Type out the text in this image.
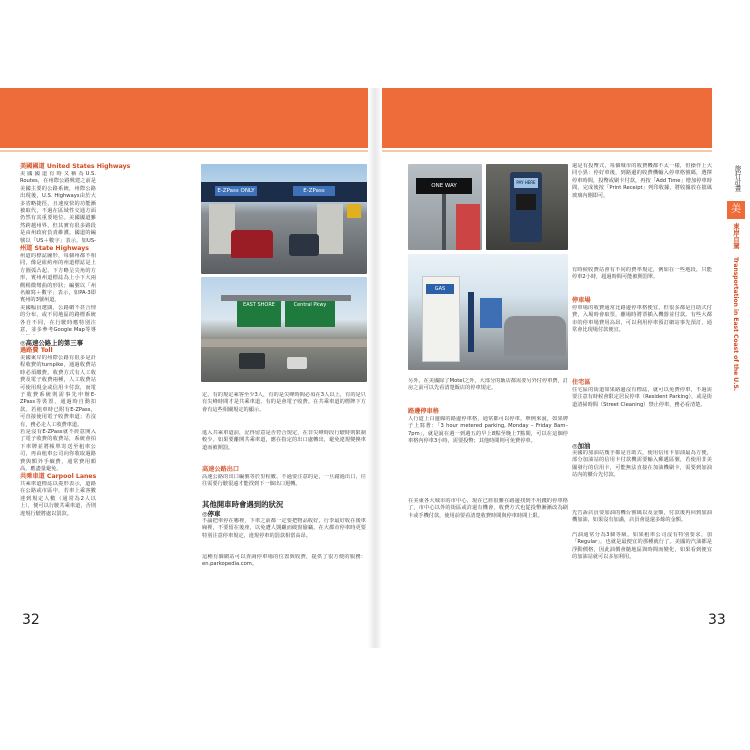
美國國道 United States Highways
美國國道有時又稱為U.S. Routes，在州際公路興建之前是美國主要的公路系統，州際公路出現後，U.S. Highways由於大多省略捷徑，且速度快的功能漸被取代，不過在區域性交通方面仍然有其重要地位。美國國道雖然跨越州界，但其實有很多路段是由州政府負責維護。國道的編號以「US＋數字」表示，如US-
州道 State Highways
州道的標誌圖形，每個州都不相同，像是紐約州的州道標誌是上方圓弧凸起、下方略呈尖角的方形，賓州州道標誌為上小下大兩側稍微彎曲的形狀；編號以「州名縮寫＋數字」表示，如PA-3即賓州的3號州道。
美國幅員遼闊，公路網不甚合理的分布，或不同地區的路標系統各自不同，在行駛時應特別注意，並多參考Google Map等導
◎高速公路上的第三事
過路費 Toll
美國東岸的州際公路有很多是計程收費的turnpike，通過收費站時必須繳費。收費方式有人工收費及電子收費兩種，人工收費站可使用現金或信用卡付款，而電子收費系統則需事先申辦E-ZPass等裝置，通過時自動扣款。若租車時已附有E-ZPass，可直接使用電子收費車道；若沒有，務必走人工收費車道。
若是沒有E-ZPass就不經意開入了電子收費的收費站，系統會拍下車牌並將帳單寄送至租車公司，再由租車公司向你收取過路費與額外手續費，通常費用頗高，應盡量避免。
共乘車道 Carpool Lanes
共乘車道標誌以菱形表示，道路在公路或市區中，若車上乘客數達到規定人數（通常為2人以上），便可以行駛共乘車道，否則違規行駛將處以罰款。
E-ZPass ONLY	E-ZPass
EAST SHORE	Central Pkwy
定，有的規定乘客至少3人，有的是尖峰時間必須在3人以上，有的是只有尖峰時間才是共乘車道，有的是會電子收費。在共乘車道的標牌下方會有這些相關規定的顯示。
進入共乘車道前，記得留意是否符合規定，在非尖峰時段行駛時則限制較少。如果要離開共乘車道，應在指定的出口處轉出，避免違規變換車道而被開罰。
高速公路出口
高速公路的出口編號等於里程數，不過要注意的是，一旦錯過出口，往往需要行駛很遠才能找到下一個出口迴轉。
其他開車時會遇到的狀況
◎停車
不論把車停在哪裡，下車之前都一定要把物品收好，行李最好收在後車廂裡，不要留在後座，以免遭人覬覦而破窗偷竊。在大都市停車時更要特別注意停車規定，違規停車的罰款相當高昂。
這種有個網站可以查詢停車場的位置與收費，提供了很方便的服務：en.parkopedia.com。
32
ONE WAY
PAY HERE
GAS
另外，在美國除了Motel之外，大部分的飯店都需要另外付停車費，訂房之前可以先看清楚飯店的停車規定。
路邊停車格
人行道上白邊線的路邊停車格，通常都可以停車。舉例來說，如果牌子上寫著：「3 hour metered parking, Monday – Friday 8am–7pm」，就是說在週一到週五的早上8點至晚上7點間，可以在這個停車格內停車3小時，需要投幣；其他時間則可免費停車。
在美東各大城市的市中心，現在已經很難在路邊找到不用錢的停車格了，市中心以外的街區或許還有機會，收費方式也從投幣漸漸改為刷卡或手機付款，使用前要看清楚收費時間與停車時間上限。
還是有投幣式，每個城市的收費機都不太一樣，但操作上大同小異：停好車後，到路邊的收費機輸入停車格號碼，選擇停車時間，投幣或刷卡付款，再按「Add Time」增加停車時間，完成後按「Print Receipt」列印收據，將收據放在擋風玻璃內側即可。
有時候收費站會有不同的費率規定，例如在一些地段，只能停車2小時，超過時間可能被開罰單。
停車場
停車場的收費通常比路邊停車格便宜，但很多都是自助式付費，入場時會取票，離場時將票插入機器並付款。有些大都市的停車場費用高昂，可以利用停車預訂網站事先預訂，通常會比現場付款便宜。
住宅區
住宅區的街道如果路邊沒有標誌，就可以免費停車，不過需要注意有時候會限定居民停車（Resident Parking），或是街道清掃時間（Street Cleaning）禁止停車，務必看清楚。
◎加油
美國的加油站幾乎都是自助式，使用信用卡加油最為方便，部分加油站的信用卡付款機需要輸入郵遞區號，若使用非美國發行的信用卡，可能無法直接在加油機刷卡，需要到加油站內的櫃台先付款。
先告訴店員要加油的機台號碼以及金額，付款後再回到加油機加油，如果沒有加滿，店員會退還多餘的金額。
汽油通常分為3個等級，如果租車公司沒有特別要求，加「Regular」，也就是最便宜的那種就行了。美國的汽油都是浮動價格，因此油價會隨地區與時間而變化，如果看到便宜的加油站就可以多加利用。
旅行計畫
美
東岸自駕
Transportation in East Coast of the U.S.
33
